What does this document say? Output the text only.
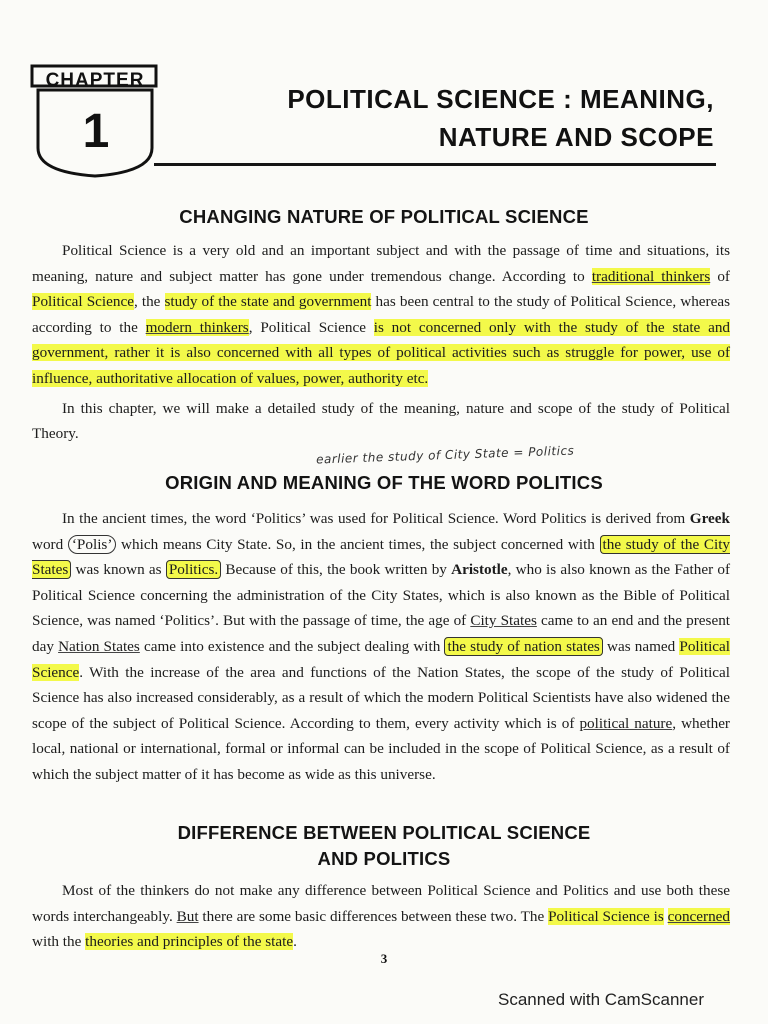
CHAPTER
1
POLITICAL SCIENCE : MEANING,
NATURE AND SCOPE
CHANGING NATURE OF POLITICAL SCIENCE

Political Science is a very old and an important subject and with the passage of time and situations, its meaning, nature and subject matter has gone under tremendous change. According to traditional thinkers of Political Science, the study of the state and government has been central to the study of Political Science, whereas according to the modern thinkers, Political Science is not concerned only with the study of the state and government, rather it is also concerned with all types of political activities such as struggle for power, use of influence, authoritative allocation of values, power, authority etc.

In this chapter, we will make a detailed study of the meaning, nature and scope of the study of Political Theory.

earlier the study of City State = Politics
ORIGIN AND MEANING OF THE WORD POLITICS

In the ancient times, the word ‘Politics’ was used for Political Science. Word Politics is derived from Greek word ‘Polis’ which means City State. So, in the ancient times, the subject concerned with the study of the City States was known as Politics. Because of this, the book written by Aristotle, who is also known as the Father of Political Science concerning the administration of the City States, which is also known as the Bible of Political Science, was named ‘Politics’. But with the passage of time, the age of City States came to an end and the present day Nation States came into existence and the subject dealing with the study of nation states was named Political Science. With the increase of the area and functions of the Nation States, the scope of the study of Political Science has also increased considerably, as a result of which the modern Political Scientists have also widened the scope of the subject of Political Science. According to them, every activity which is of political nature, whether local, national or international, formal or informal can be included in the scope of Political Science, as a result of which the subject matter of it has become as wide as this universe.

DIFFERENCE BETWEEN POLITICAL SCIENCE
AND POLITICS

Most of the thinkers do not make any difference between Political Science and Politics and use both these words interchangeably. But there are some basic differences between these two. The Political Science is concerned with the theories and principles of the state.

3
Scanned with CamScanner
